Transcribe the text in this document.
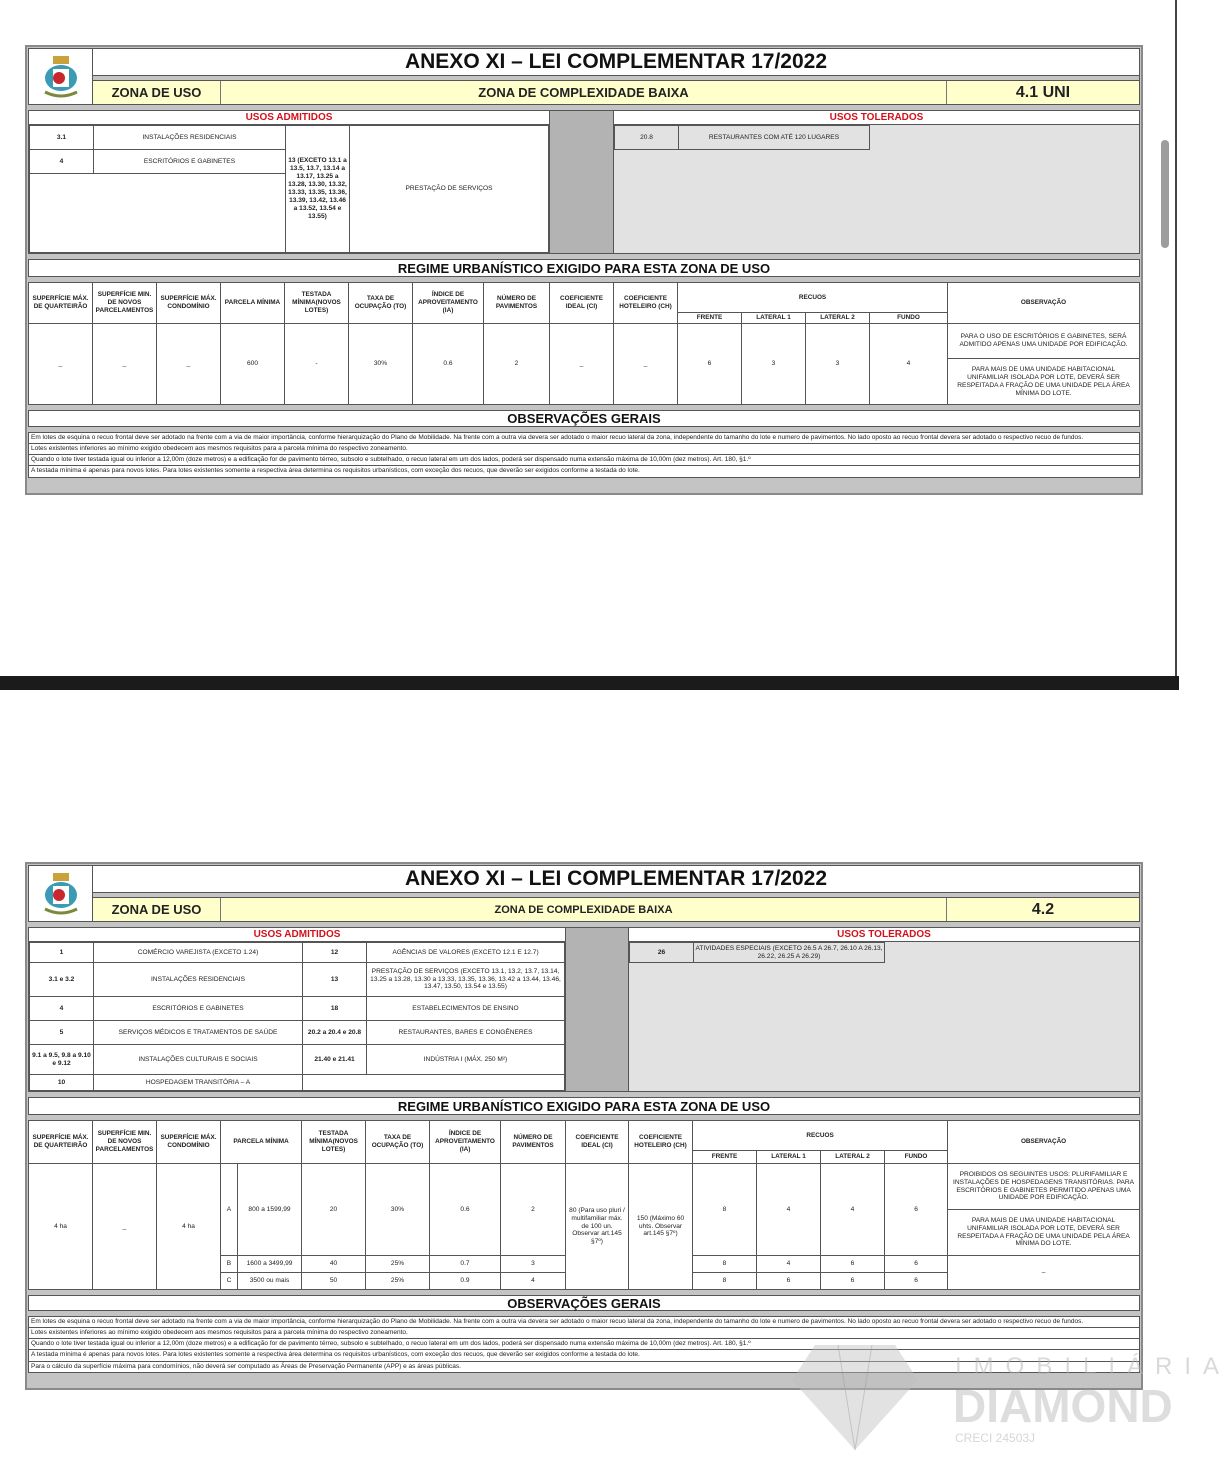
ANEXO XI – LEI COMPLEMENTAR 17/2022
ZONA DE USO	ZONA DE COMPLEXIDADE BAIXA	4.1 UNI
USOS ADMITIDOS
3.1	INSTALAÇÕES RESIDENCIAIS	13 (EXCETO 13.1 a 13.5, 13.7, 13.14 a 13.17, 13.25 a 13.28, 13.30, 13.32, 13.33, 13.35, 13.36, 13.39, 13.42, 13.46 a 13.52, 13.54 e 13.55)	PRESTAÇÃO DE SERVIÇOS
4	ESCRITÓRIOS E GABINETES		

USOS TOLERADOS
20.8	RESTAURANTES COM ATÉ 120 LUGARES
REGIME URBANÍSTICO EXIGIDO PARA ESTA ZONA DE USO
SUPERFÍCIE MÁX. DE QUARTEIRÃO	SUPERFÍCIE MIN. DE NOVOS PARCELAMENTOS	SUPERFÍCIE MÁX. CONDOMÍNIO	PARCELA MÍNIMA	TESTADA MÍNIMA(NOVOS LOTES)	TAXA DE OCUPAÇÃO (TO)	ÍNDICE DE APROVEITAMENTO (IA)	NÚMERO DE PAVIMENTOS	COEFICIENTE IDEAL (CI)	COEFICIENTE HOTELEIRO (CH)	RECUOS				OBSERVAÇÃO
										FRENTE	LATERAL 1	LATERAL 2	FUNDO	
_	_	_	600	-	30%	0.6	2	_	_	6	3	3	4	PARA O USO DE ESCRITÓRIOS E GABINETES, SERÁ ADMITIDO APENAS UMA UNIDADE POR EDIFICAÇÃO.
PARA MAIS DE UMA UNIDADE HABITACIONAL UNIFAMILIAR ISOLADA POR LOTE, DEVERÁ SER RESPEITADA A FRAÇÃO DE UMA UNIDADE PELA ÁREA MÍNIMA DO LOTE.
OBSERVAÇÕES GERAIS
Em lotes de esquina o recuo frontal deve ser adotado na frente com a via de maior importância, conforme hierarquização do Plano de Mobilidade. Na frente com a outra via devera ser adotado o maior recuo lateral da zona, independente do tamanho do lote e numero de pavimentos. No lado oposto ao recuo frontal devera ser adotado o respectivo recuo de fundos.
Lotes existentes inferiores ao mínimo exigido obedecem aos mesmos requisitos para a parcela mínima do respectivo zoneamento.
Quando o lote tiver testada igual ou inferior a 12,00m (doze metros) e a edificação for de pavimento térreo, subsolo e subtelhado, o recuo lateral em um dos lados, poderá ser dispensado numa extensão máxima de 10,00m (dez metros). Art. 180, §1.º
A testada mínima é apenas para novos lotes. Para lotes existentes somente a respectiva área determina os requisitos urbanísticos, com exceção dos recuos, que deverão ser exigidos conforme a testada do lote.
ANEXO XI – LEI COMPLEMENTAR 17/2022
ZONA DE USO	ZONA DE COMPLEXIDADE BAIXA	4.2
USOS ADMITIDOS
1	COMÉRCIO VAREJISTA (EXCETO 1.24)	12	AGÊNCIAS DE VALORES (EXCETO 12.1 E 12.7)
3.1 e 3.2	INSTALAÇÕES RESIDENCIAIS	13	PRESTAÇÃO DE SERVIÇOS (EXCETO 13.1, 13.2, 13.7, 13.14, 13.25 a 13.28, 13.30 a 13.33, 13.35, 13.36, 13.42 a 13.44, 13.46, 13.47, 13.50, 13.54 e 13.55)
4	ESCRITÓRIOS E GABINETES	18	ESTABELECIMENTOS DE ENSINO
5	SERVIÇOS MÉDICOS E TRATAMENTOS DE SAÚDE	20.2 a 20.4 e 20.8	RESTAURANTES, BARES E CONGÊNERES
9.1 a 9.5, 9.8 a 9.10 e 9.12	INSTALAÇÕES CULTURAIS E SOCIAIS	21.40 e 21.41	INDÚSTRIA I (MÁX. 250 M²)
10	HOSPEDAGEM TRANSITÓRIA – A		
USOS TOLERADOS
26	ATIVIDADES ESPECIAIS (EXCETO 26.5 A 26.7, 26.10 A 26.13, 26.22, 26.25 A 26.29)
REGIME URBANÍSTICO EXIGIDO PARA ESTA ZONA DE USO
SUPERFÍCIE MÁX. DE QUARTEIRÃO	SUPERFÍCIE MIN. DE NOVOS PARCELAMENTOS	SUPERFÍCIE MÁX. CONDOMÍNIO	PARCELA MÍNIMA		TESTADA MÍNIMA(NOVOS LOTES)	TAXA DE OCUPAÇÃO (TO)	ÍNDICE DE APROVEITAMENTO (IA)	NÚMERO DE PAVIMENTOS	COEFICIENTE IDEAL (CI)	COEFICIENTE HOTELEIRO (CH)	RECUOS				OBSERVAÇÃO
											FRENTE	LATERAL 1	LATERAL 2	FUNDO	
4 ha	_	4 ha	A	800 a 1599,99	20	30%	0.6	2	80 (Para uso pluri / multifamiliar máx. de 100 un. Observar art.145 §7º)	150 (Máximo 60 uhts. Observar art.145 §7º)	8	4	4	6	PROIBIDOS OS SEGUINTES USOS: PLURIFAMILIAR E INSTALAÇÕES DE HOSPEDAGENS TRANSITÓRIAS. PARA ESCRITÓRIOS E GABINETES PERMITIDO APENAS UMA UNIDADE POR EDIFICAÇÃO.
PARA MAIS DE UMA UNIDADE HABITACIONAL UNIFAMILIAR ISOLADA POR LOTE, DEVERÁ SER RESPEITADA A FRAÇÃO DE UMA UNIDADE PELA ÁREA MÍNIMA DO LOTE.

			B	1600 a 3499,99	40	25%	0.7	3			8	4	6	6	–
			C	3500 ou mais	50	25%	0.9	4			8	6	6	6	
OBSERVAÇÕES GERAIS
Em lotes de esquina o recuo frontal deve ser adotado na frente com a via de maior importância, conforme hierarquização do Plano de Mobilidade. Na frente com a outra via devera ser adotado o maior recuo lateral da zona, independente do tamanho do lote e numero de pavimentos. No lado oposto ao recuo frontal devera ser adotado o respectivo recuo de fundos.
Lotes existentes inferiores ao mínimo exigido obedecem aos mesmos requisitos para a parcela mínima do respectivo zoneamento.
Quando o lote tiver testada igual ou inferior a 12,00m (doze metros) e a edificação for de pavimento térreo, subsolo e subtelhado, o recuo lateral em um dos lados, poderá ser dispensado numa extensão máxima de 10,00m (dez metros). Art. 180, §1.º
A testada mínima é apenas para novos lotes. Para lotes existentes somente a respectiva área determina os requisitos urbanísticos, com exceção dos recuos, que deverão ser exigidos conforme a testada do lote.
Para o cálculo da superfície máxima para condomínios, não deverá ser computado as Áreas de Preservação Permanente (APP) e as áreas públicas.	IMOBILIÁRIA
DIAMOND
CRECI 24503J
